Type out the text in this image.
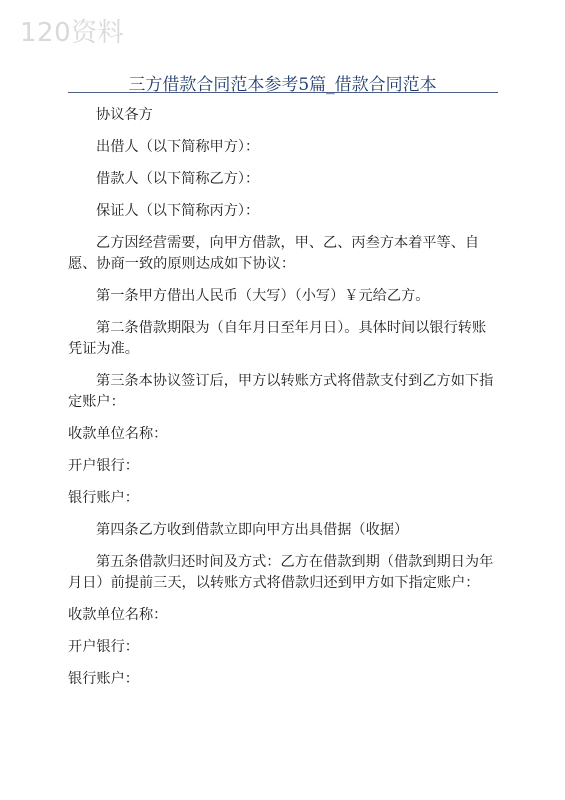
120资料
三方借款合同范本参考5篇_借款合同范本

协议各方

出借人（以下简称甲方）：

借款人（以下简称乙方）：

保证人（以下简称丙方）：

乙方因经营需要，向甲方借款，甲、乙、丙叁方本着平等、自愿、协商一致的原则达成如下协议：

第一条甲方借出人民币（大写）（小写）￥元给乙方。

第二条借款期限为（自年月日至年月日）。具体时间以银行转账凭证为准。

第三条本协议签订后，甲方以转账方式将借款支付到乙方如下指定账户：

收款单位名称：

开户银行：

银行账户：

第四条乙方收到借款立即向甲方出具借据（收据）

第五条借款归还时间及方式：乙方在借款到期（借款到期日为年月日）前提前三天，以转账方式将借款归还到甲方如下指定账户：

收款单位名称：

开户银行：

银行账户：
